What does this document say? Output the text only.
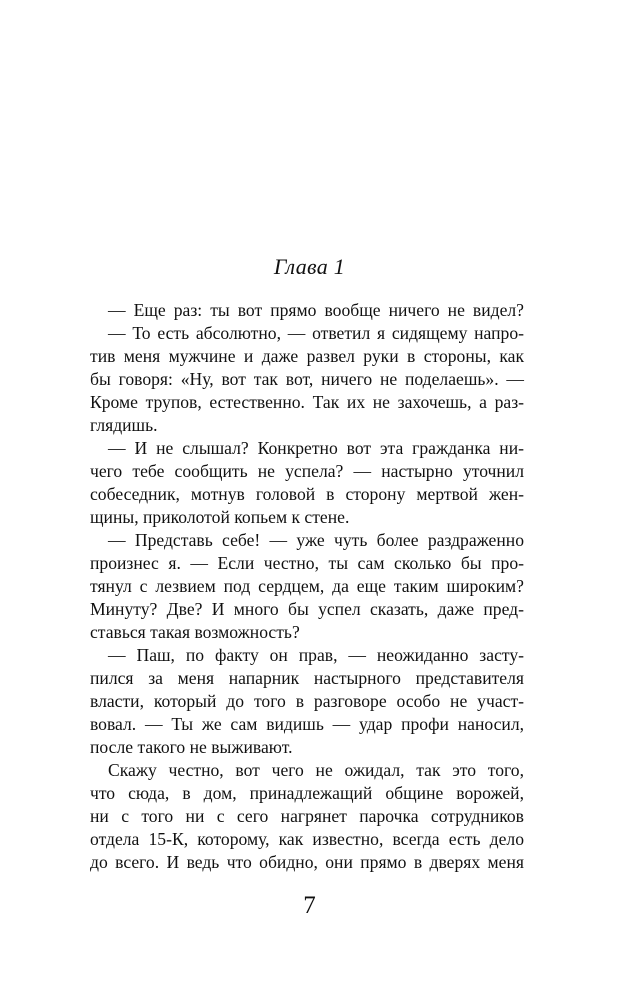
Глава 1
— Еще раз: ты вот прямо вообще ничего не видел?
— То есть абсолютно, — ответил я сидящему напро-
тив меня мужчине и даже развел руки в стороны, как
бы говоря: «Ну, вот так вот, ничего не поделаешь». —
Кроме трупов, естественно. Так их не захочешь, а раз-
глядишь.
— И не слышал? Конкретно вот эта гражданка ни-
чего тебе сообщить не успела? — настырно уточнил
собеседник, мотнув головой в сторону мертвой жен-
щины, приколотой копьем к стене.
— Представь себе! — уже чуть более раздраженно
произнес я. — Если честно, ты сам сколько бы про-
тянул с лезвием под сердцем, да еще таким широким?
Минуту? Две? И много бы успел сказать, даже пред-
ставься такая возможность?
— Паш, по факту он прав, — неожиданно засту-
пился за меня напарник настырного представителя
власти, который до того в разговоре особо не участ-
вовал. — Ты же сам видишь — удар профи наносил,
после такого не выживают.
Скажу честно, вот чего не ожидал, так это того,
что сюда, в дом, принадлежащий общине ворожей,
ни с того ни с сего нагрянет парочка сотрудников
отдела 15-К, которому, как известно, всегда есть дело
до всего. И ведь что обидно, они прямо в дверях меня
7
